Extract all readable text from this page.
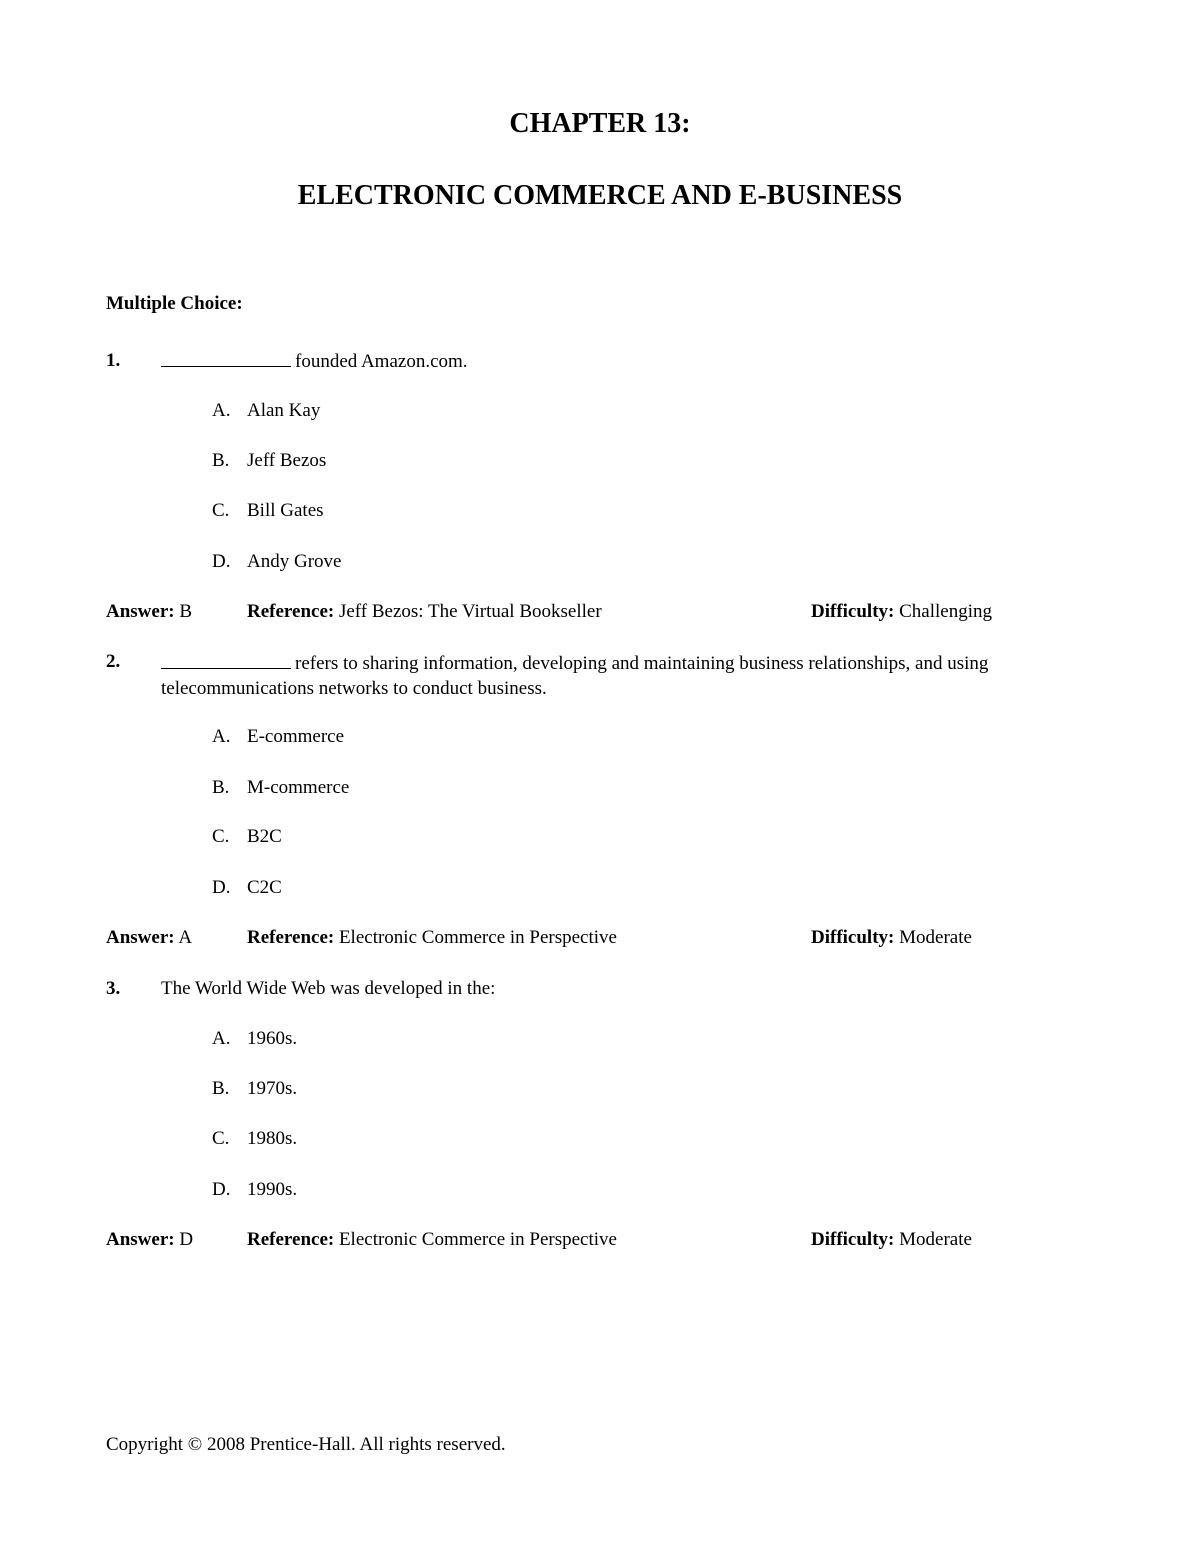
CHAPTER 13:
ELECTRONIC COMMERCE AND E-BUSINESS
Multiple Choice:
1.	founded Amazon.com.
A. Alan Kay
B. Jeff Bezos
C. Bill Gates
D. Andy Grove
Answer: B	Reference: Jeff Bezos: The Virtual Bookseller	Difficulty: Challenging
2.	refers to sharing information, developing and maintaining business relationships, and using telecommunications networks to conduct business.
A. E-commerce
B. M-commerce
C. B2C
D. C2C
Answer: A	Reference: Electronic Commerce in Perspective	Difficulty: Moderate
3. The World Wide Web was developed in the:
A. 1960s.
B. 1970s.
C. 1980s.
D. 1990s.
Answer: D	Reference: Electronic Commerce in Perspective	Difficulty: Moderate
Copyright © 2008 Prentice-Hall. All rights reserved.
